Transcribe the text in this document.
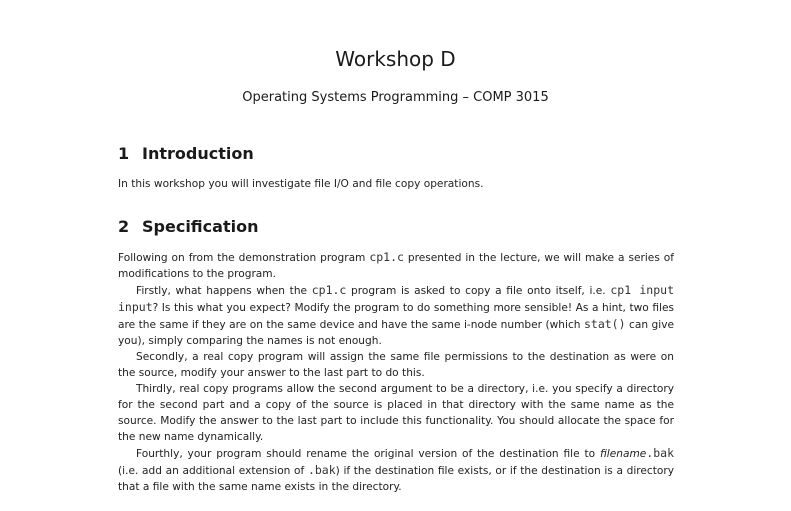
Workshop D
Operating Systems Programming – COMP 3015
1 Introduction

In this workshop you will investigate file I/O and file copy operations.

2 Specification

Following on from the demonstration program cp1.c presented in the lecture, we will make a series of modifications to the program.

Firstly, what happens when the cp1.c program is asked to copy a file onto itself, i.e. cp1 input input? Is this what you expect? Modify the program to do something more sensible! As a hint, two files are the same if they are on the same device and have the same i-node number (which stat() can give you), simply comparing the names is not enough.

Secondly, a real copy program will assign the same file permissions to the destination as were on the source, modify your answer to the last part to do this.

Thirdly, real copy programs allow the second argument to be a directory, i.e. you specify a directory for the second part and a copy of the source is placed in that directory with the same name as the source. Modify the answer to the last part to include this functionality. You should allocate the space for the new name dynamically.

Fourthly, your program should rename the original version of the destination file to filename.bak (i.e. add an additional extension of .bak) if the destination file exists, or if the destination is a directory that a file with the same name exists in the directory.
